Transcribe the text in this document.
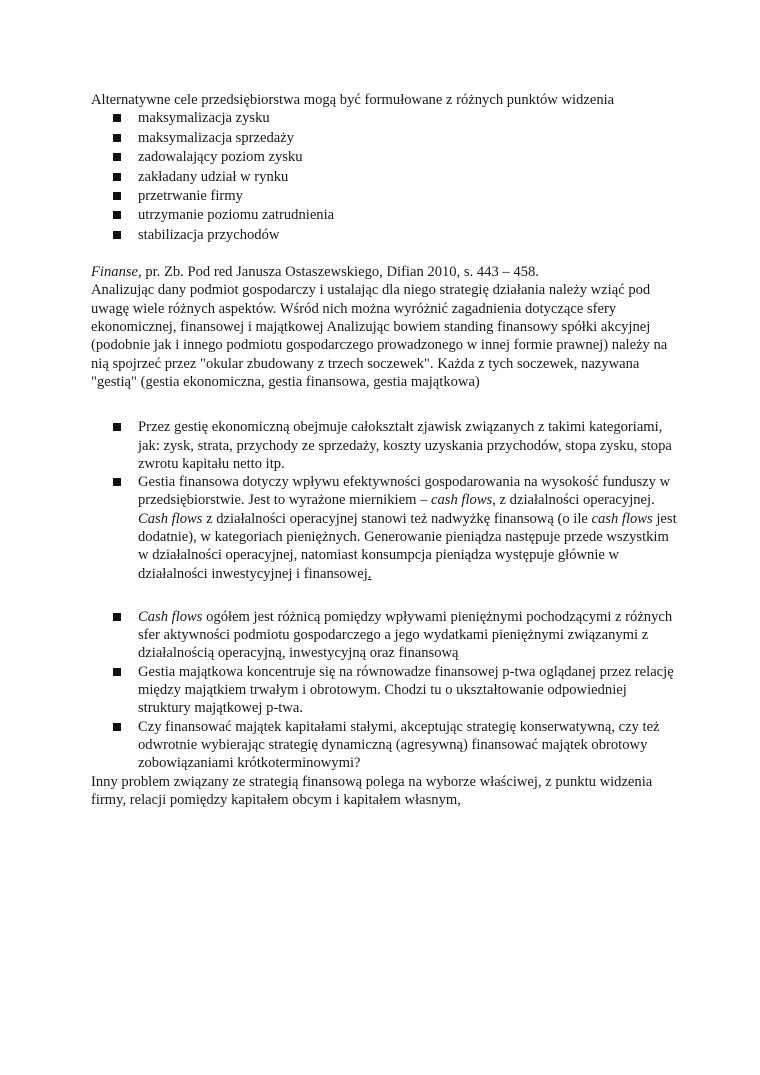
Alternatywne cele przedsiębiorstwa mogą być formułowane z różnych punktów widzenia

maksymalizacja zysku
maksymalizacja sprzedaży
zadowalający poziom zysku
zakładany udział w rynku
przetrwanie firmy
utrzymanie poziomu zatrudnienia
stabilizacja przychodów

Finanse, pr. Zb. Pod red Janusza Ostaszewskiego, Difian 2010, s. 443 – 458.

Analizując dany podmiot gospodarczy i ustalając dla niego strategię działania należy wziąć pod uwagę wiele różnych aspektów. Wśród nich można wyróżnić zagadnienia dotyczące sfery ekonomicznej, finansowej i majątkowej Analizując bowiem standing finansowy spółki akcyjnej (podobnie jak i innego podmiotu gospodarczego prowadzonego w innej formie prawnej) należy na nią spojrzeć przez "okular zbudowany z trzech soczewek". Każda z tych soczewek, nazywana "gestią" (gestia ekonomiczna, gestia finansowa, gestia majątkowa)

Przez gestię ekonomiczną obejmuje całokształt zjawisk związanych z takimi kategoriami, jak: zysk, strata, przychody ze sprzedaży, koszty uzyskania przychodów, stopa zysku, stopa zwrotu kapitału netto itp.
Gestia finansowa dotyczy wpływu efektywności gospodarowania na wysokość funduszy w przedsiębiorstwie. Jest to wyrażone miernikiem – cash flows, z działalności operacyjnej. Cash flows z działalności operacyjnej stanowi też nadwyżkę finansową (o ile cash flows jest dodatnie), w kategoriach pieniężnych. Generowanie pieniądza następuje przede wszystkim w działalności operacyjnej, natomiast konsumpcja pieniądza występuje głównie w działalności inwestycyjnej i finansowej.
Cash flows ogółem jest różnicą pomiędzy wpływami pieniężnymi pochodzącymi z różnych sfer aktywności podmiotu gospodarczego a jego wydatkami pieniężnymi związanymi z działalnością operacyjną, inwestycyjną oraz finansową
Gestia majątkowa koncentruje się na równowadze finansowej p-twa oglądanej przez relację między majątkiem trwałym i obrotowym. Chodzi tu o ukształtowanie odpowiedniej struktury majątkowej p-twa.
Czy finansować majątek kapitałami stałymi, akceptując strategię konserwatywną, czy też odwrotnie wybierając strategię dynamiczną (agresywną) finansować majątek obrotowy zobowiązaniami krótkoterminowymi?

Inny problem związany ze strategią finansową polega na wyborze właściwej, z punktu widzenia firmy, relacji pomiędzy kapitałem obcym i kapitałem własnym,
